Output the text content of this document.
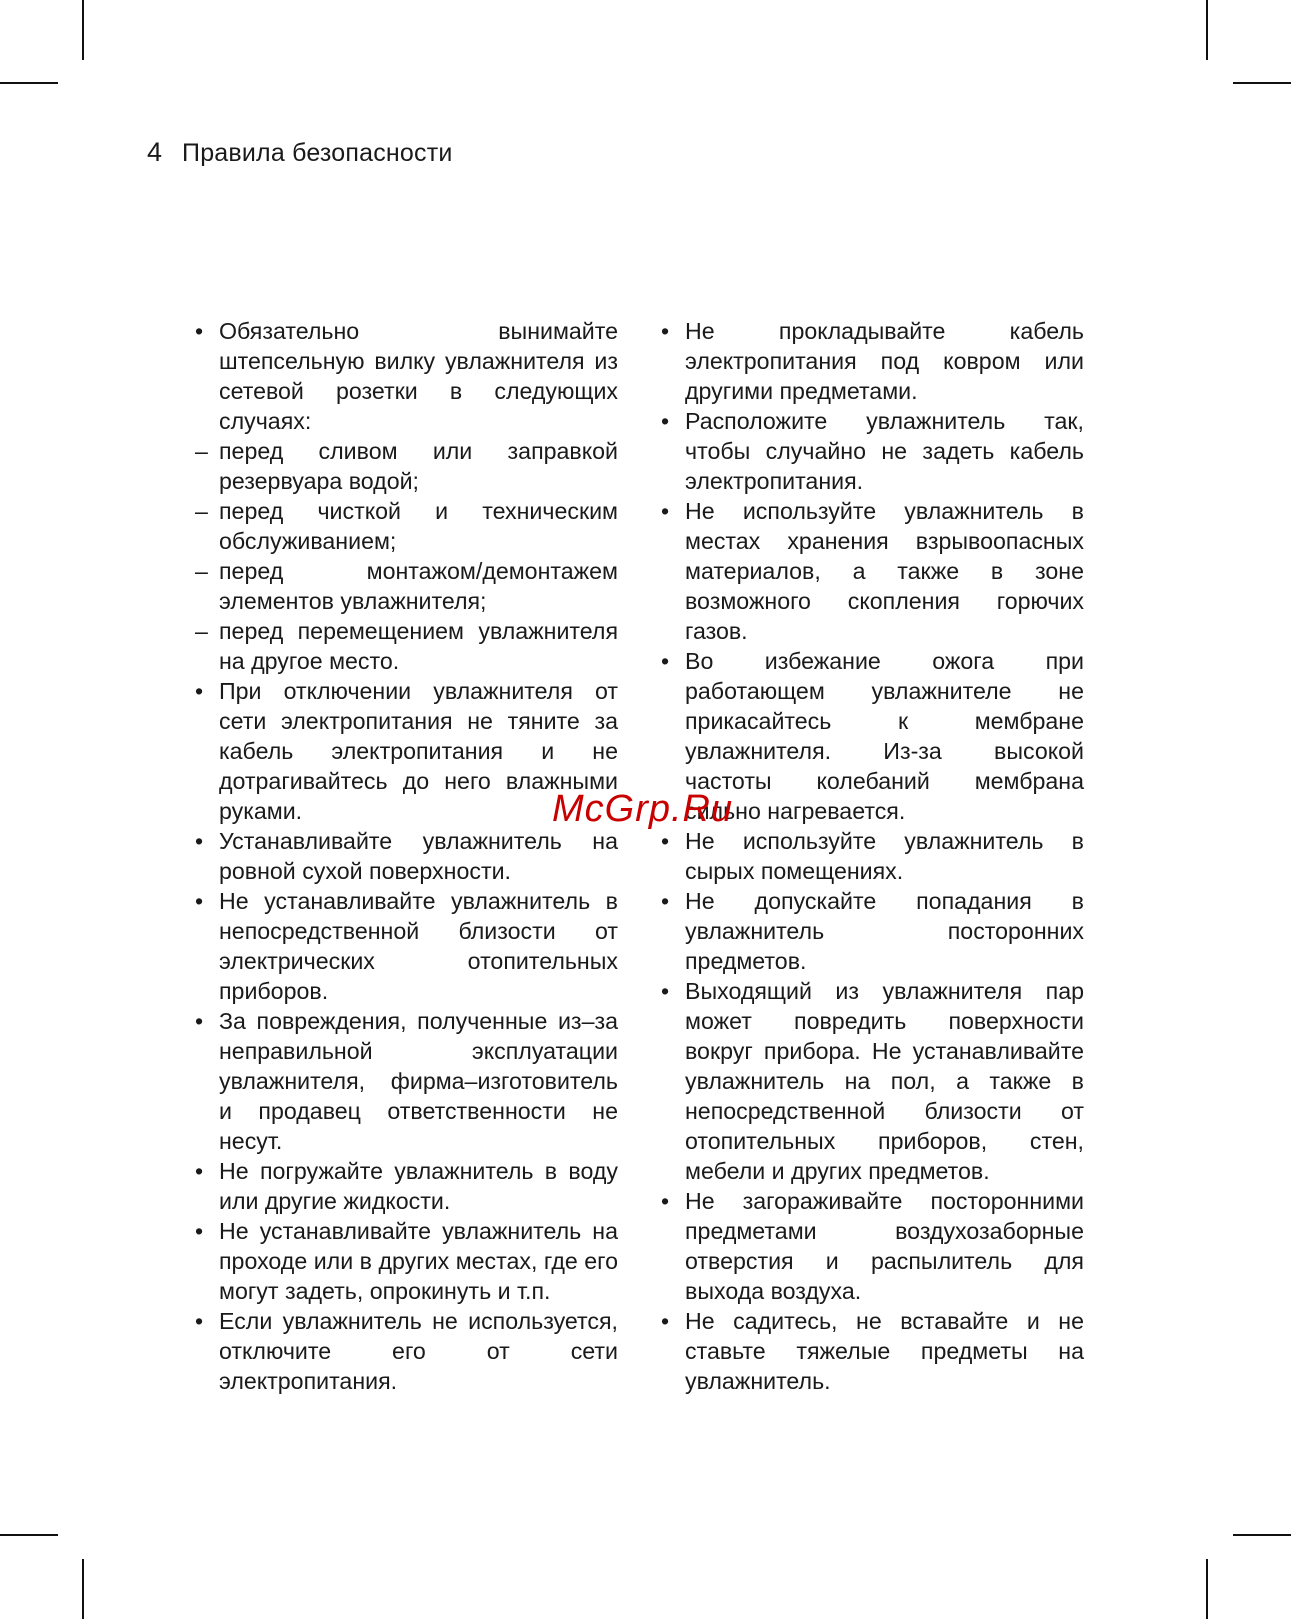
4 Правила безопасности
• Обязательно вынимайте штепсельную вилку увлажнителя из сетевой розетки в следующих случаях:
– перед сливом или заправкой резервуара водой;
– перед чисткой и техническим обслуживанием;
– перед монтажом/демонтажем элементов увлажнителя;
– перед перемещением увлажнителя на другое место.
• При отключении увлажнителя от сети электропитания не тяните за кабель электропитания и не дотрагивайтесь до него влажными руками.
• Устанавливайте увлажнитель на ровной сухой поверхности.
• Не устанавливайте увлажнитель в непосредственной близости от электрических отопительных приборов.
• За повреждения, полученные из–за неправильной эксплуатации увлажнителя, фирма–изготовитель и продавец ответственности не несут.
• Не погружайте увлажнитель в воду или другие жидкости.
• Не устанавливайте увлажнитель на проходе или в других местах, где его могут задеть, опрокинуть и т.п.
• Если увлажнитель не используется, отключите его от сети электропитания.
• Не прокладывайте кабель электропитания под ковром или другими предметами.
• Расположите увлажнитель так, чтобы случайно не задеть кабель электропитания.
• Не используйте увлажнитель в местах хранения взрывоопасных материалов, а также в зоне возможного скопления горючих газов.
• Во избежание ожога при работающем увлажнителе не прикасайтесь к мембране увлажнителя. Из-за высокой частоты колебаний мембрана сильно нагревается.
• Не используйте увлажнитель в сырых помещениях.
• Не допускайте попадания в увлажнитель посторонних предметов.
• Выходящий из увлажнителя пар может повредить поверхности вокруг прибора. Не устанавливайте увлажнитель на пол, а также в непосредственной близости от отопительных приборов, стен, мебели и других предметов.
• Не загораживайте посторонними предметами воздухозаборные отверстия и распылитель для выхода воздуха.
• Не садитесь, не вставайте и не ставьте тяжелые предметы на увлажнитель.
McGrp.Ru
